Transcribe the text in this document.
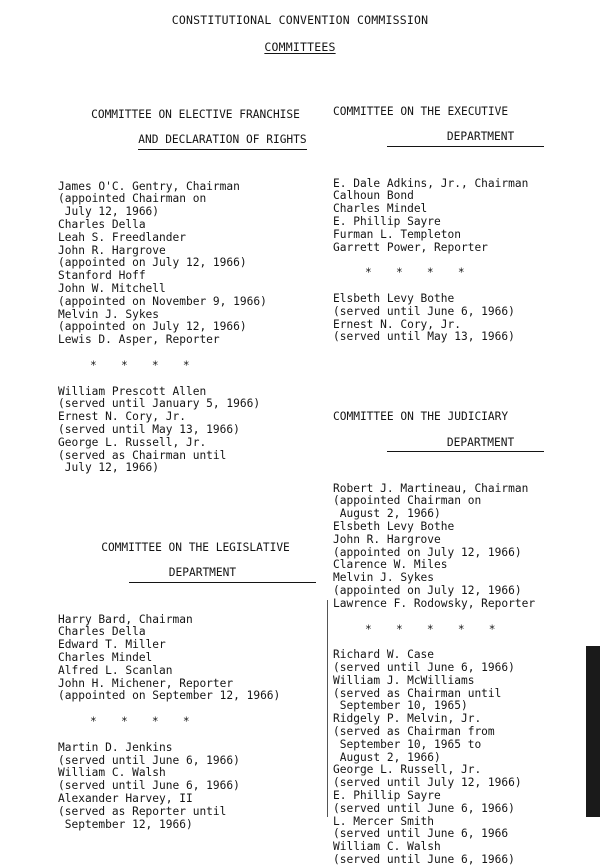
CONSTITUTIONAL CONVENTION COMMISSION
COMMITTEES

COMMITTEE ON ELECTIVE FRANCHISE

AND DECLARATION OF RIGHTS

James O'C. Gentry, Chairman
(appointed Chairman on
July 12, 1966)
Charles Della
Leah S. Freedlander
John R. Hargrove
(appointed on July 12, 1966)
Stanford Hoff
John W. Mitchell
(appointed on November 9, 1966)
Melvin J. Sykes
(appointed on July 12, 1966)
Lewis D. Asper, Reporter
*   *   *   *
William Prescott Allen
(served until January 5, 1966)
Ernest N. Cory, Jr.
(served until May 13, 1966)
George L. Russell, Jr.
(served as Chairman until
July 12, 1966)

COMMITTEE ON THE LEGISLATIVE

DEPARTMENT

Harry Bard, Chairman
Charles Della
Edward T. Miller
Charles Mindel
Alfred L. Scanlan
John H. Michener, Reporter
(appointed on September 12, 1966)
*   *   *   *
Martin D. Jenkins
(served until June 6, 1966)
William C. Walsh
(served until June 6, 1966)
Alexander Harvey, II
(served as Reporter until
September 12, 1966)

COMMITTEE ON THE EXECUTIVE

DEPARTMENT

E. Dale Adkins, Jr., Chairman
Calhoun Bond
Charles Mindel
E. Phillip Sayre
Furman L. Templeton
Garrett Power, Reporter
*   *   *   *
Elsbeth Levy Bothe
(served until June 6, 1966)
Ernest N. Cory, Jr.
(served until May 13, 1966)

COMMITTEE ON THE JUDICIARY

DEPARTMENT

Robert J. Martineau, Chairman
(appointed Chairman on
August 2, 1966)
Elsbeth Levy Bothe
John R. Hargrove
(appointed on July 12, 1966)
Clarence W. Miles
Melvin J. Sykes
(appointed on July 12, 1966)
Lawrence F. Rodowsky, Reporter
*   *   *   *   *
Richard W. Case
(served until June 6, 1966)
William J. McWilliams
(served as Chairman until
September 10, 1965)
Ridgely P. Melvin, Jr.
(served as Chairman from
September 10, 1965 to
August 2, 1966)
George L. Russell, Jr.
(served until July 12, 1966)
E. Phillip Sayre
(served until June 6, 1966)
L. Mercer Smith
(served until June 6, 1966
William C. Walsh
(served until June 6, 1966)
